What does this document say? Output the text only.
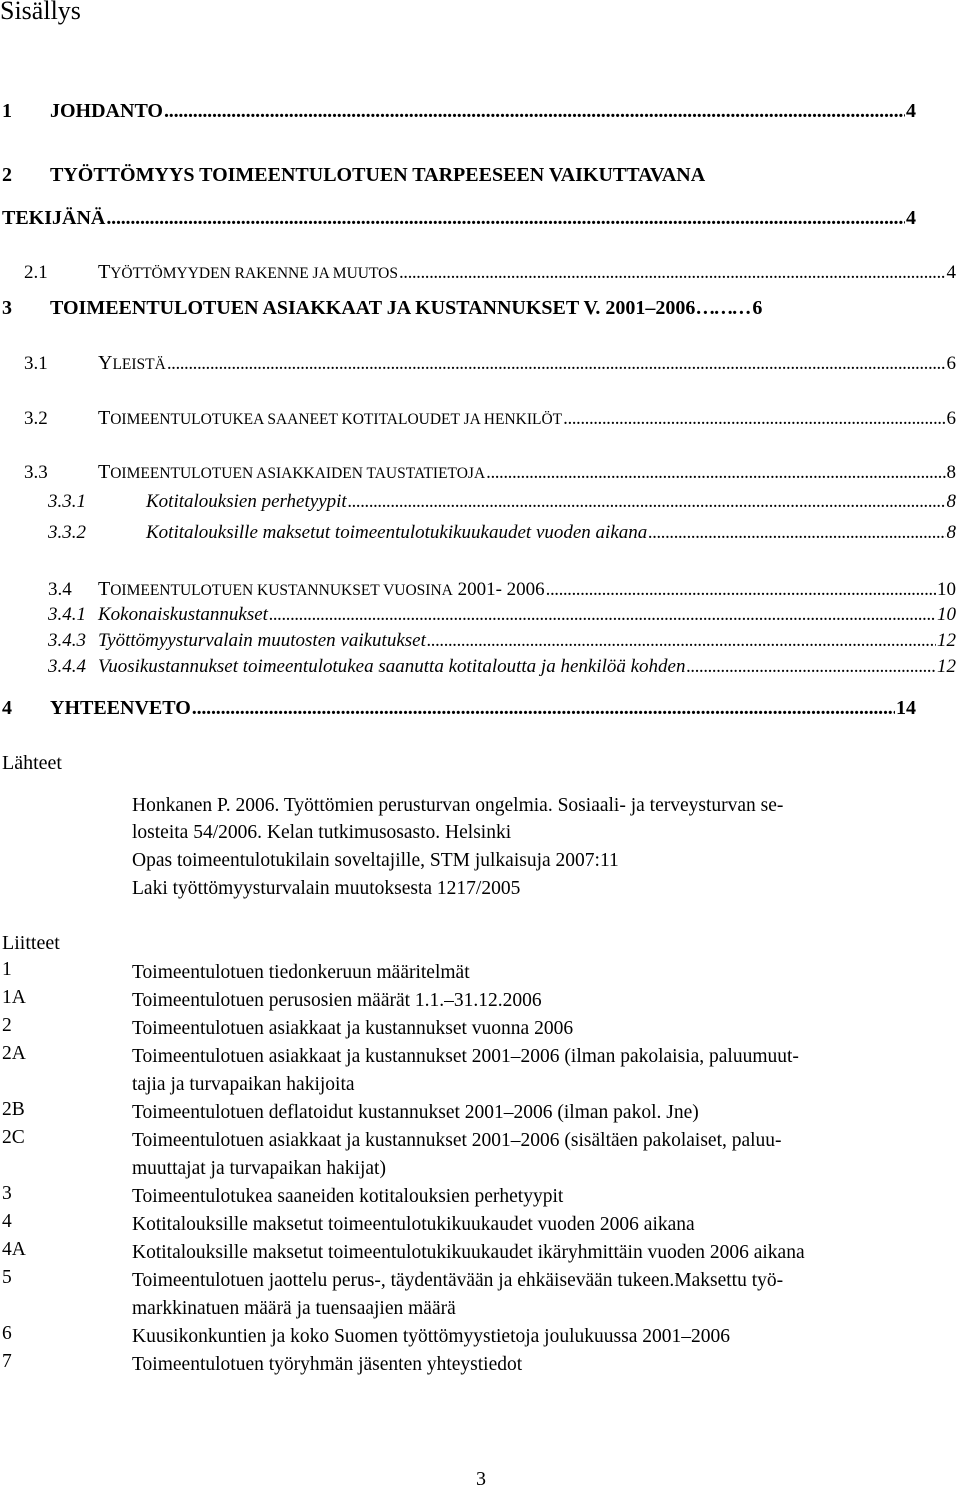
Sisällys
1	JOHDANTO . . .	4
2 TYÖTTÖMYYS TOIMEENTULOTUEN TARPEESEEN VAIKUTTAVANA
TEKIJÄNÄ . . .	4
2.1	TYÖTTÖMYYDEN RAKENNE JA MUUTOS . . .	4
3 TOIMEENTULOTUEN ASIAKKAAT JA KUSTANNUKSET V. 2001–2006……… 6
3.1	YLEISTÄ . . .	6
3.2	TOIMEENTULOTUKEA SAANEET KOTITALOUDET JA HENKILÖT . . .	6
3.3	TOIMEENTULOTUEN ASIAKKAIDEN TAUSTATIETOJA . . .	8
3.3.1	Kotitalouksien perhetyypit . . .	8
3.3.2	Kotitalouksille maksetut toimeentulotukikuukaudet vuoden aikana . . .	8
3.4	TOIMEENTULOTUEN KUSTANNUKSET VUOSINA 2001- 2006 . . .	10
3.4.1 Kokonaiskustannukset . . .	10
3.4.3 Työttömyysturvalain muutosten vaikutukset . . .	12
3.4.4 Vuosikustannukset toimeentulotukea saanutta kotitaloutta ja henkilöä kohden . . .	12
4	YHTEENVETO . . .	14
Lähteet
Honkanen P. 2006. Työttömien perusturvan ongelmia. Sosiaali- ja terveysturvan se-
losteita 54/2006. Kelan tutkimusosasto. Helsinki
Opas toimeentulotukilain soveltajille, STM julkaisuja 2007:11
Laki työttömyysturvalain muutoksesta 1217/2005
Liitteet
1	Toimeentulotuen tiedonkeruun määritelmät
1A	Toimeentulotuen perusosien määrät 1.1.–31.12.2006
2	Toimeentulotuen asiakkaat ja kustannukset vuonna 2006
2A	Toimeentulotuen asiakkaat ja kustannukset 2001–2006 (ilman pakolaisia, paluumuut-
tajia ja turvapaikan hakijoita
2B	Toimeentulotuen deflatoidut kustannukset 2001–2006 (ilman pakol. Jne)
2C	Toimeentulotuen asiakkaat ja kustannukset 2001–2006 (sisältäen pakolaiset, paluu-
muuttajat ja turvapaikan hakijat)
3	Toimeentulotukea saaneiden kotitalouksien perhetyypit
4	Kotitalouksille maksetut toimeentulotukikuukaudet vuoden 2006 aikana
4A	Kotitalouksille maksetut toimeentulotukikuukaudet ikäryhmittäin vuoden 2006 aikana
5	Toimeentulotuen jaottelu perus-, täydentävään ja ehkäisevään tukeen.Maksettu työ-
markkinatuen määrä ja tuensaajien määrä
6	Kuusikonkuntien ja koko Suomen työttömyystietoja joulukuussa 2001–2006
7	Toimeentulotuen työryhmän jäsenten yhteystiedot
3
